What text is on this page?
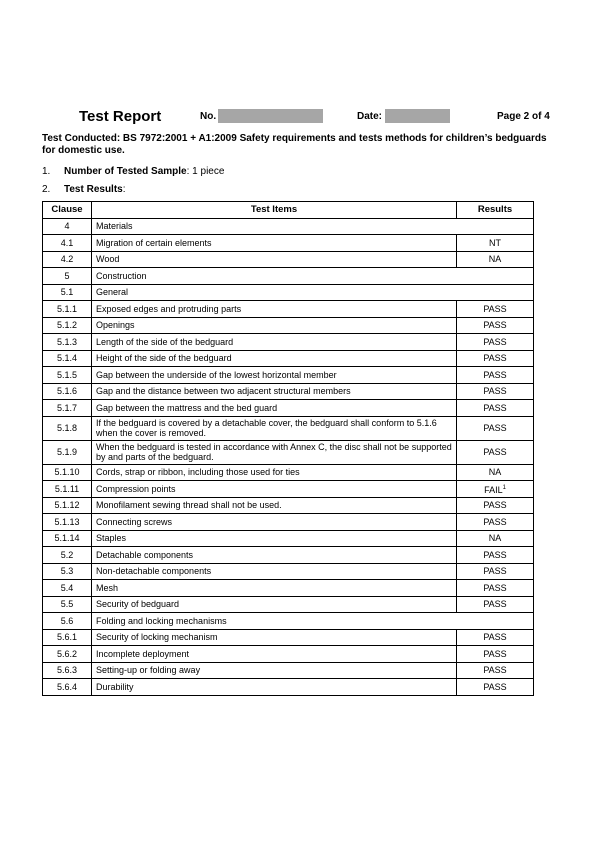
Test Report	No.	Date:	Page 2 of 4
Test Conducted: BS 7972:2001 + A1:2009 Safety requirements and tests methods for children’s bedguards for domestic use.
1. Number of Tested Sample: 1 piece
2. Test Results:
Clause	Test Items	Results
4	Materials	
4.1	Migration of certain elements	NT
4.2	Wood	NA
5	Construction	
5.1	General	
5.1.1	Exposed edges and protruding parts	PASS
5.1.2	Openings	PASS
5.1.3	Length of the side of the bedguard	PASS
5.1.4	Height of the side of the bedguard	PASS
5.1.5	Gap between the underside of the lowest horizontal member	PASS
5.1.6	Gap and the distance between two adjacent structural members	PASS
5.1.7	Gap between the mattress and the bed guard	PASS
5.1.8	If the bedguard is covered by a detachable cover, the bedguard shall conform to 5.1.6 when the cover is removed.	PASS
5.1.9	When the bedguard is tested in accordance with Annex C, the disc shall not be supported by and parts of the bedguard.	PASS
5.1.10	Cords, strap or ribbon, including those used for ties	NA
5.1.11	Compression points	FAIL$^1$
5.1.12	Monofilament sewing thread shall not be used.	PASS
5.1.13	Connecting screws	PASS
5.1.14	Staples	NA
5.2	Detachable components	PASS
5.3	Non-detachable components	PASS
5.4	Mesh	PASS
5.5	Security of bedguard	PASS
5.6	Folding and locking mechanisms	
5.6.1	Security of locking mechanism	PASS
5.6.2	Incomplete deployment	PASS
5.6.3	Setting-up or folding away	PASS
5.6.4	Durability	PASS
